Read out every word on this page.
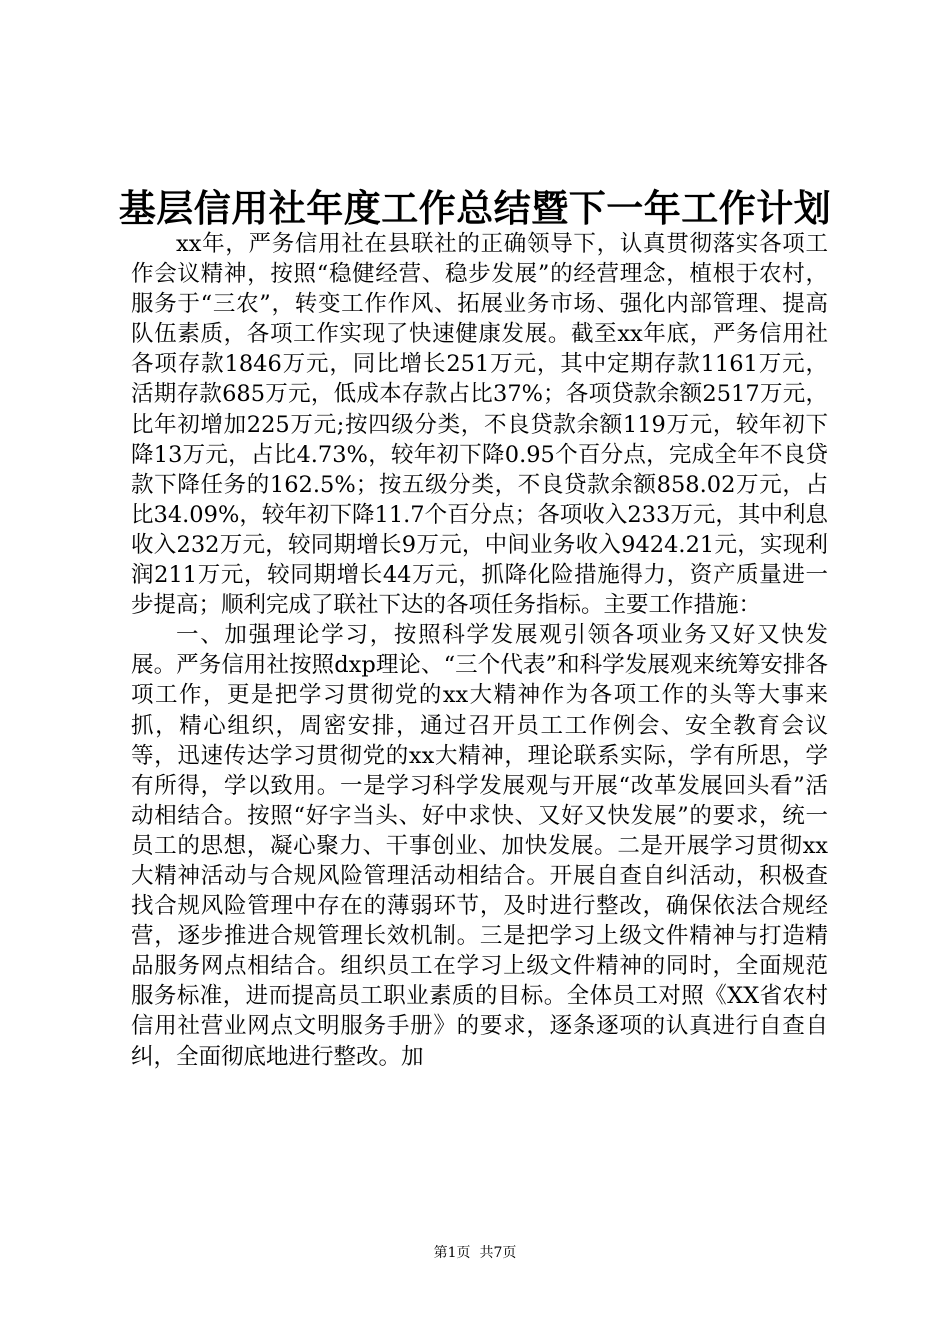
基层信用社年度工作总结暨下一年工作计划

xx年，严务信用社在县联社的正确领导下，认真贯彻落实各项工作会议精神，按照“稳健经营、稳步发展”的经营理念，植根于农村，服务于“三农”，转变工作作风、拓展业务市场、强化内部管理、提高队伍素质，各项工作实现了快速健康发展。截至xx年底，严务信用社各项存款1846万元，同比增长251万元，其中定期存款1161万元，活期存款685万元，低成本存款占比37%；各项贷款余额2517万元，比年初增加225万元;按四级分类，不良贷款余额119万元，较年初下降13万元，占比4.73%，较年初下降0.95个百分点，完成全年不良贷款下降任务的162.5%；按五级分类，不良贷款余额858.02万元，占比34.09%，较年初下降11.7个百分点；各项收入233万元，其中利息收入232万元，较同期增长9万元，中间业务收入9424.21元，实现利润211万元，较同期增长44万元，抓降化险措施得力，资产质量进一步提高；顺利完成了联社下达的各项任务指标。主要工作措施：

一、加强理论学习，按照科学发展观引领各项业务又好又快发展。严务信用社按照dxp理论、“三个代表”和科学发展观来统筹安排各项工作，更是把学习贯彻党的xx大精神作为各项工作的头等大事来抓，精心组织，周密安排，通过召开员工工作例会、安全教育会议等，迅速传达学习贯彻党的xx大精神，理论联系实际，学有所思，学有所得，学以致用。一是学习科学发展观与开展“改革发展回头看”活动相结合。按照“好字当头、好中求快、又好又快发展”的要求，统一员工的思想，凝心聚力、干事创业、加快发展。二是开展学习贯彻xx大精神活动与合规风险管理活动相结合。开展自查自纠活动，积极查找合规风险管理中存在的薄弱环节，及时进行整改，确保依法合规经营，逐步推进合规管理长效机制。三是把学习上级文件精神与打造精品服务网点相结合。组织员工在学习上级文件精神的同时，全面规范服务标准，进而提高员工职业素质的目标。全体员工对照《XX省农村信用社营业网点文明服务手册》的要求，逐条逐项的认真进行自查自纠，全面彻底地进行整改。加

第1页  共7页
